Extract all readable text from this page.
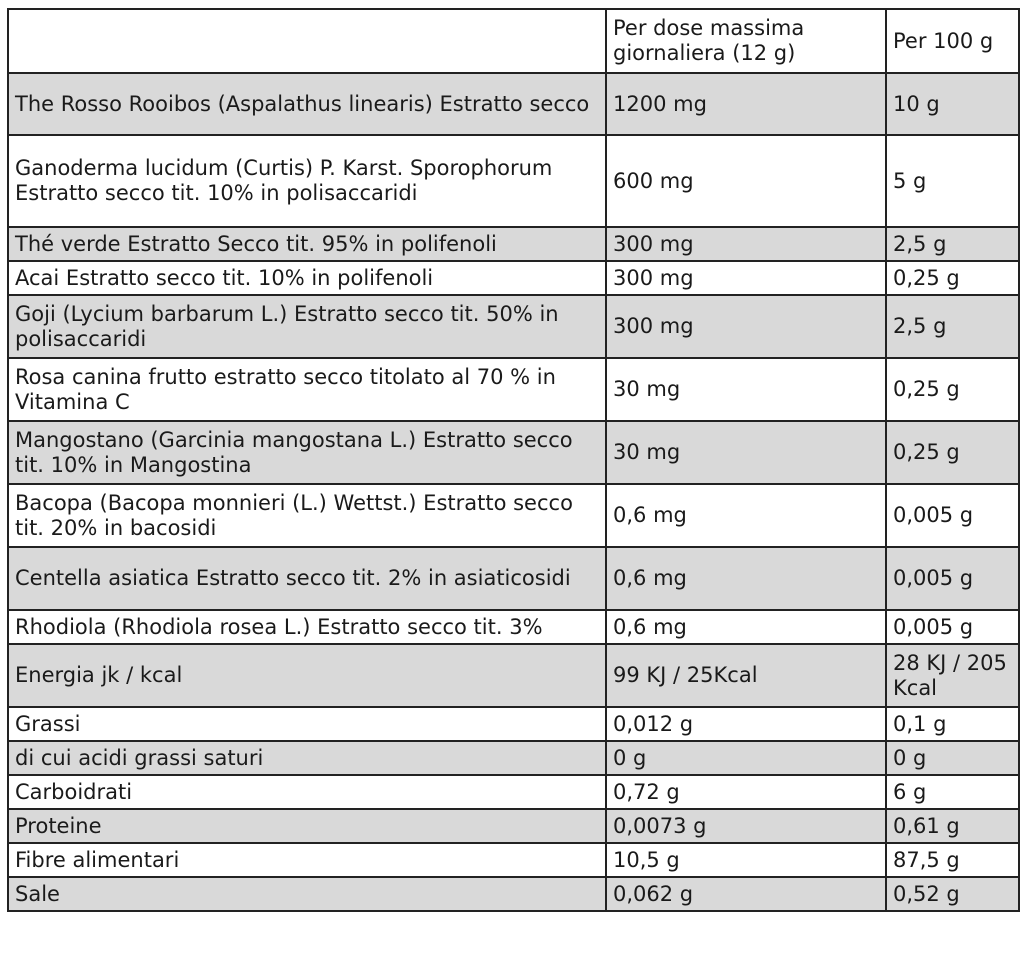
	Per dose massima giornaliera (12 g)	Per 100 g
The Rosso Rooibos (Aspalathus linearis) Estratto secco	1200 mg	10 g
Ganoderma lucidum (Curtis) P. Karst. Sporophorum Estratto secco tit. 10% in polisaccaridi	600 mg	5 g
Thé verde Estratto Secco tit. 95% in polifenoli	300 mg	2,5 g
Acai Estratto secco tit. 10% in polifenoli	300 mg	0,25 g
Goji (Lycium barbarum L.) Estratto secco tit. 50% in polisaccaridi	300 mg	2,5 g
Rosa canina frutto estratto secco titolato al 70 % in Vitamina C	30 mg	0,25 g
Mangostano (Garcinia mangostana L.) Estratto secco tit. 10% in Mangostina	30 mg	0,25 g
Bacopa (Bacopa monnieri (L.) Wettst.) Estratto secco tit. 20% in bacosidi	0,6 mg	0,005 g
Centella asiatica Estratto secco tit. 2% in asiaticosidi	0,6 mg	0,005 g
Rhodiola (Rhodiola rosea L.) Estratto secco tit. 3%	0,6 mg	0,005 g
Energia jk / kcal	99 KJ / 25Kcal	28 KJ / 205 Kcal
Grassi	0,012 g	0,1 g
di cui acidi grassi saturi	0 g	0 g
Carboidrati	0,72 g	6 g
Proteine	0,0073 g	0,61 g
Fibre alimentari	10,5 g	87,5 g
Sale	0,062 g	0,52 g
